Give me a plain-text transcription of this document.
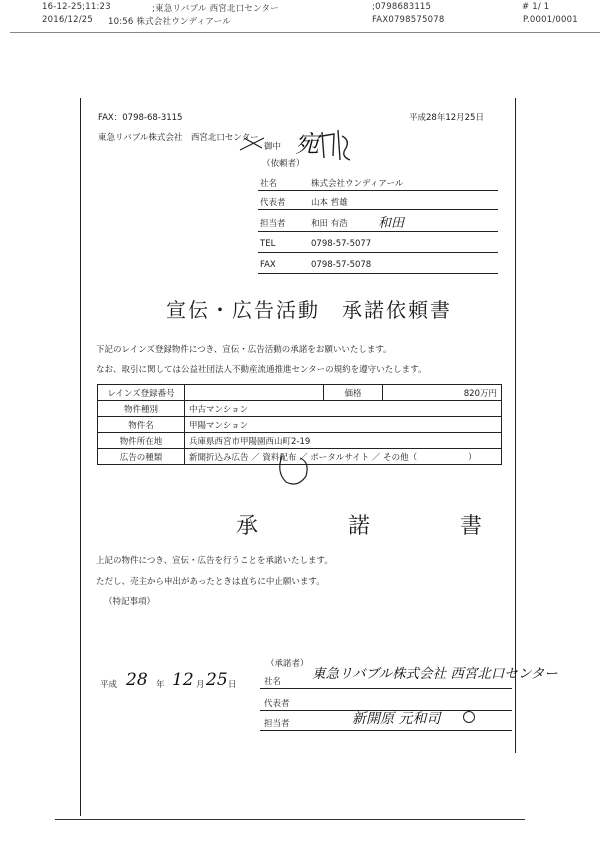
16-12-25;11:23	;東急リバブル 西宮北口センター	;0798683115	# 1/ 1
2016/12/25 10:56 株式会社ウンディアール	FAX0798575078	P.0001/0001
FAX：0798-68-3115	平成28年12月25日
東急リバブル株式会社　西宮北口センター
御中 宛
（依頼者）
社名	株式会社ウンディアール
代表者	山本 哲雄
担当者	和田 有浩 和田
TEL	0798-57-5077
FAX	0798-57-5078
宣伝・広告活動　承諾依頼書
下記のレインズ登録物件につき、宣伝・広告活動の承諾をお願いいたします。
なお、取引に関しては公益社団法人不動産流通推進センターの規約を遵守いたします。
レインズ登録番号		価格	820万円
物件種別	中古マンション		
物件名	甲陽マンション		
物件所在地	兵庫県西宮市甲陽園西山町2-19		
広告の種類	新聞折込み広告 ／ 資料配布 ／ ポータルサイト ／ その他（　　　　　　）		
承　諾　書
上記の物件につき、宣伝・広告を行うことを承諾いたします。
ただし、売主から申出があったときは直ちに中止願います。
（特記事項）
平成 28 年 12 月 25 日
（承諾者）
社名 東急リバブル株式会社 西宮北口センター
代表者
担当者	新開原 元和司
